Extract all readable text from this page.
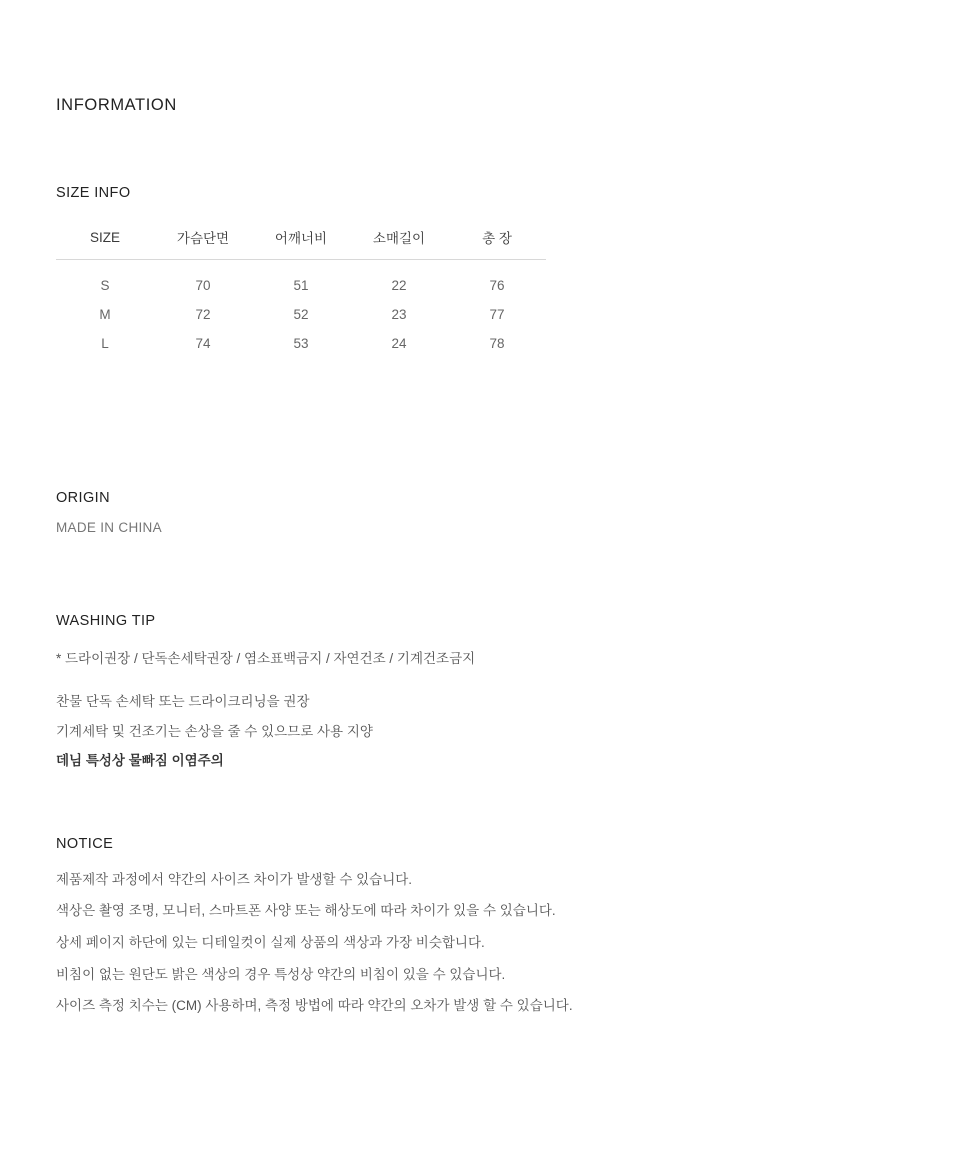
INFORMATION
SIZE INFO
SIZE	가슴단면	어깨너비	소매길이	총 장
S	70	51	22	76
M	72	52	23	77
L	74	53	24	78
ORIGIN
MADE IN CHINA
WASHING TIP
* 드라이권장 / 단독손세탁권장 / 염소표백금지 / 자연건조 / 기계건조금지

찬물 단독 손세탁 또는 드라이크리닝을 권장

기계세탁 및 건조기는 손상을 줄 수 있으므로 사용 지양

데님 특성상 물빠짐 이염주의

NOTICE

제품제작 과정에서 약간의 사이즈 차이가 발생할 수 있습니다.

색상은 촬영 조명, 모니터, 스마트폰 사양 또는 해상도에 따라 차이가 있을 수 있습니다.

상세 페이지 하단에 있는 디테일컷이 실제 상품의 색상과 가장 비슷합니다.

비침이 없는 원단도 밝은 색상의 경우 특성상 약간의 비침이 있을 수 있습니다.

사이즈 측정 치수는 (CM) 사용하며, 측정 방법에 따라 약간의 오차가 발생 할 수 있습니다.
